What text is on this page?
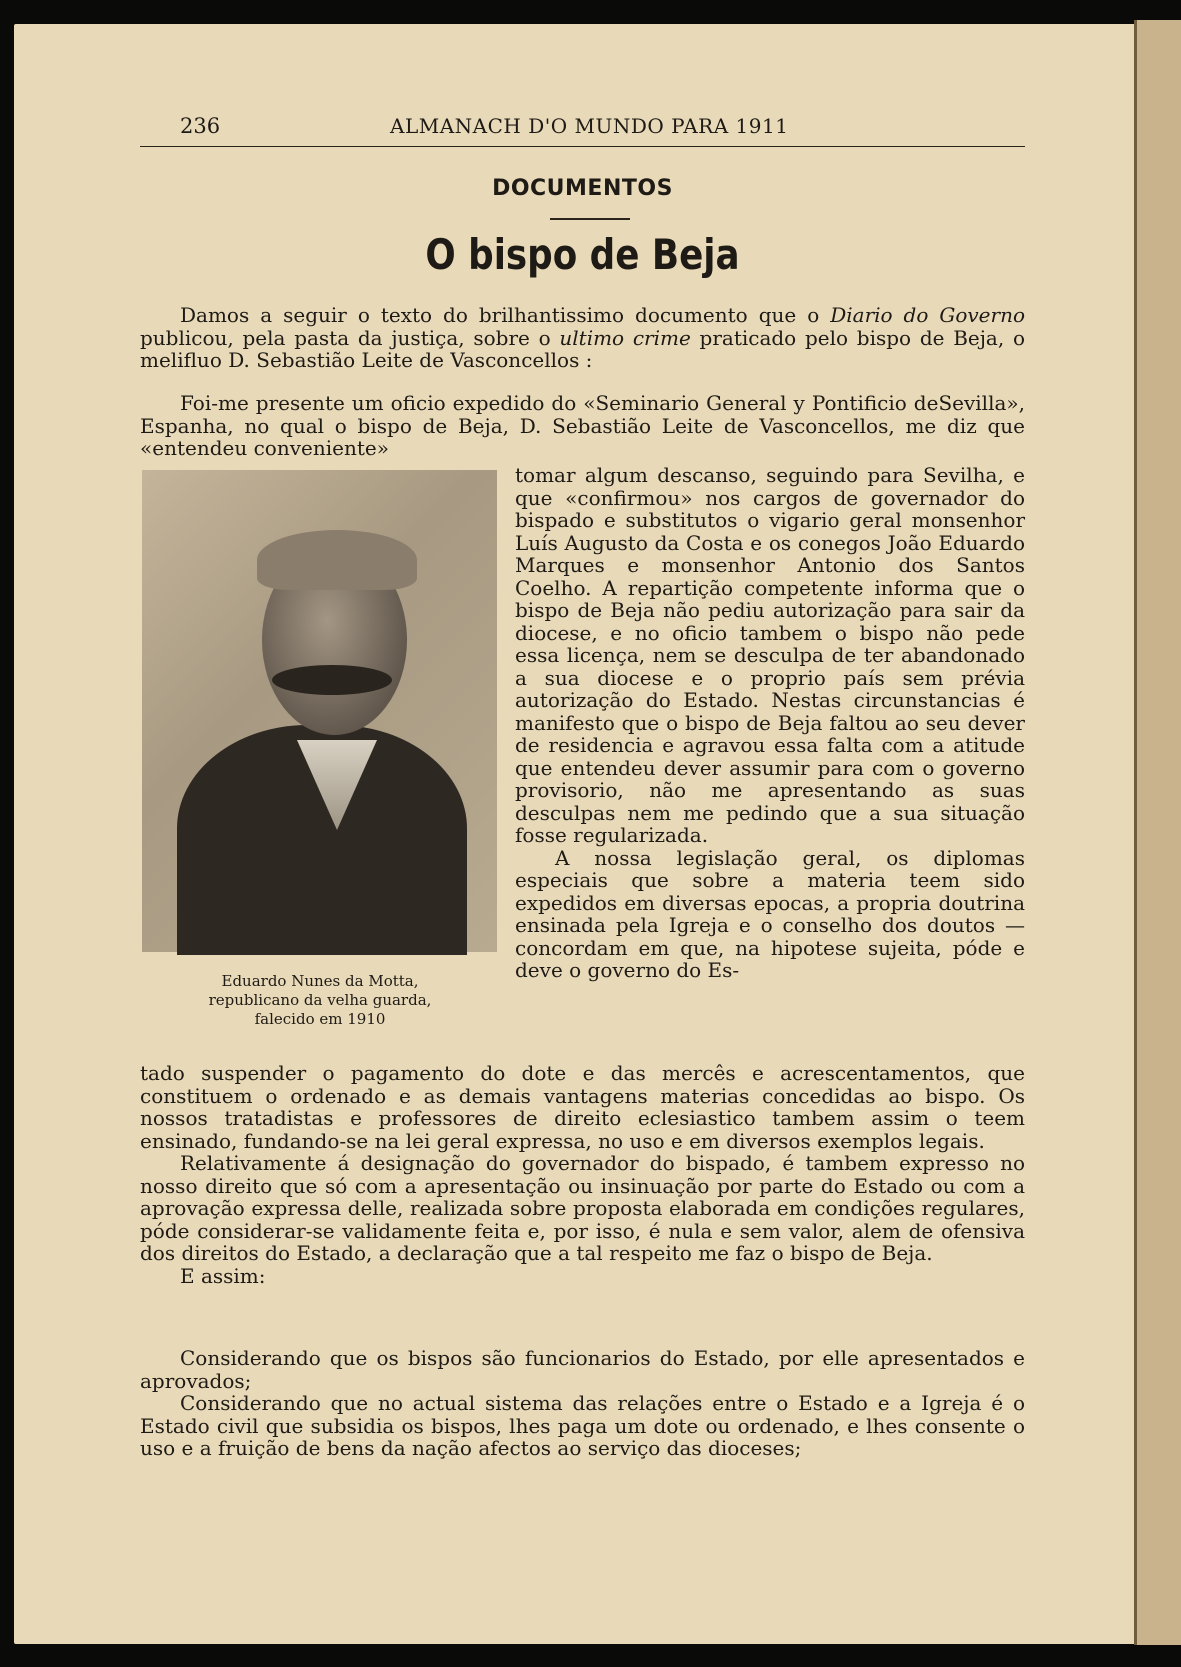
236	ALMANACH D'O MUNDO PARA 1911
DOCUMENTOS
O bispo de Beja

Damos a seguir o texto do brilhantissimo documento que o Diario do Governo publicou, pela pasta da justiça, sobre o ultimo crime praticado pelo bispo de Beja, o melifluo D. Sebastião Leite de Vasconcellos :

Foi-me presente um oficio expedido do «Seminario General y Pontificio deSevilla», Espanha, no qual o bispo de Beja, D. Sebastião Leite de Vasconcellos, me diz que «entendeu conveniente»

Eduardo Nunes da Motta,
republicano da velha guarda,
falecido em 1910

tomar algum descanso, seguindo para Sevilha, e que «confirmou» nos cargos de governador do bispado e substitutos o vigario geral monsenhor Luís Augusto da Costa e os conegos João Eduardo Marques e monsenhor Antonio dos Santos Coelho. A repartição competente informa que o bispo de Beja não pediu autorização para sair da diocese, e no oficio tambem o bispo não pede essa licença, nem se desculpa de ter abandonado a sua diocese e o proprio país sem prévia autorização do Estado. Nestas circunstancias é manifesto que o bispo de Beja faltou ao seu dever de residencia e agravou essa falta com a atitude que entendeu dever assumir para com o governo provisorio, não me apresentando as suas desculpas nem me pedindo que a sua situação fosse regularizada.

A nossa legislação geral, os diplomas especiais que sobre a materia teem sido expedidos em diversas epocas, a propria doutrina ensinada pela Igreja e o conselho dos doutos — concordam em que, na hipotese sujeita, póde e deve o governo do Es-

tado suspender o pagamento do dote e das mercês e acrescentamentos, que constituem o ordenado e as demais vantagens materias concedidas ao bispo. Os nossos tratadistas e professores de direito eclesiastico tambem assim o teem ensinado, fundando-se na lei geral expressa, no uso e em diversos exemplos legais.

Relativamente á designação do governador do bispado, é tambem expresso no nosso direito que só com a apresentação ou insinuação por parte do Estado ou com a aprovação expressa delle, realizada sobre proposta elaborada em condições regulares, póde considerar-se validamente feita e, por isso, é nula e sem valor, alem de ofensiva dos direitos do Estado, a declaração que a tal respeito me faz o bispo de Beja.

E assim:

Considerando que os bispos são funcionarios do Estado, por elle apresentados e aprovados;

Considerando que no actual sistema das relações entre o Estado e a Igreja é o Estado civil que subsidia os bispos, lhes paga um dote ou ordenado, e lhes consente o uso e a fruição de bens da nação afectos ao serviço das dioceses;
